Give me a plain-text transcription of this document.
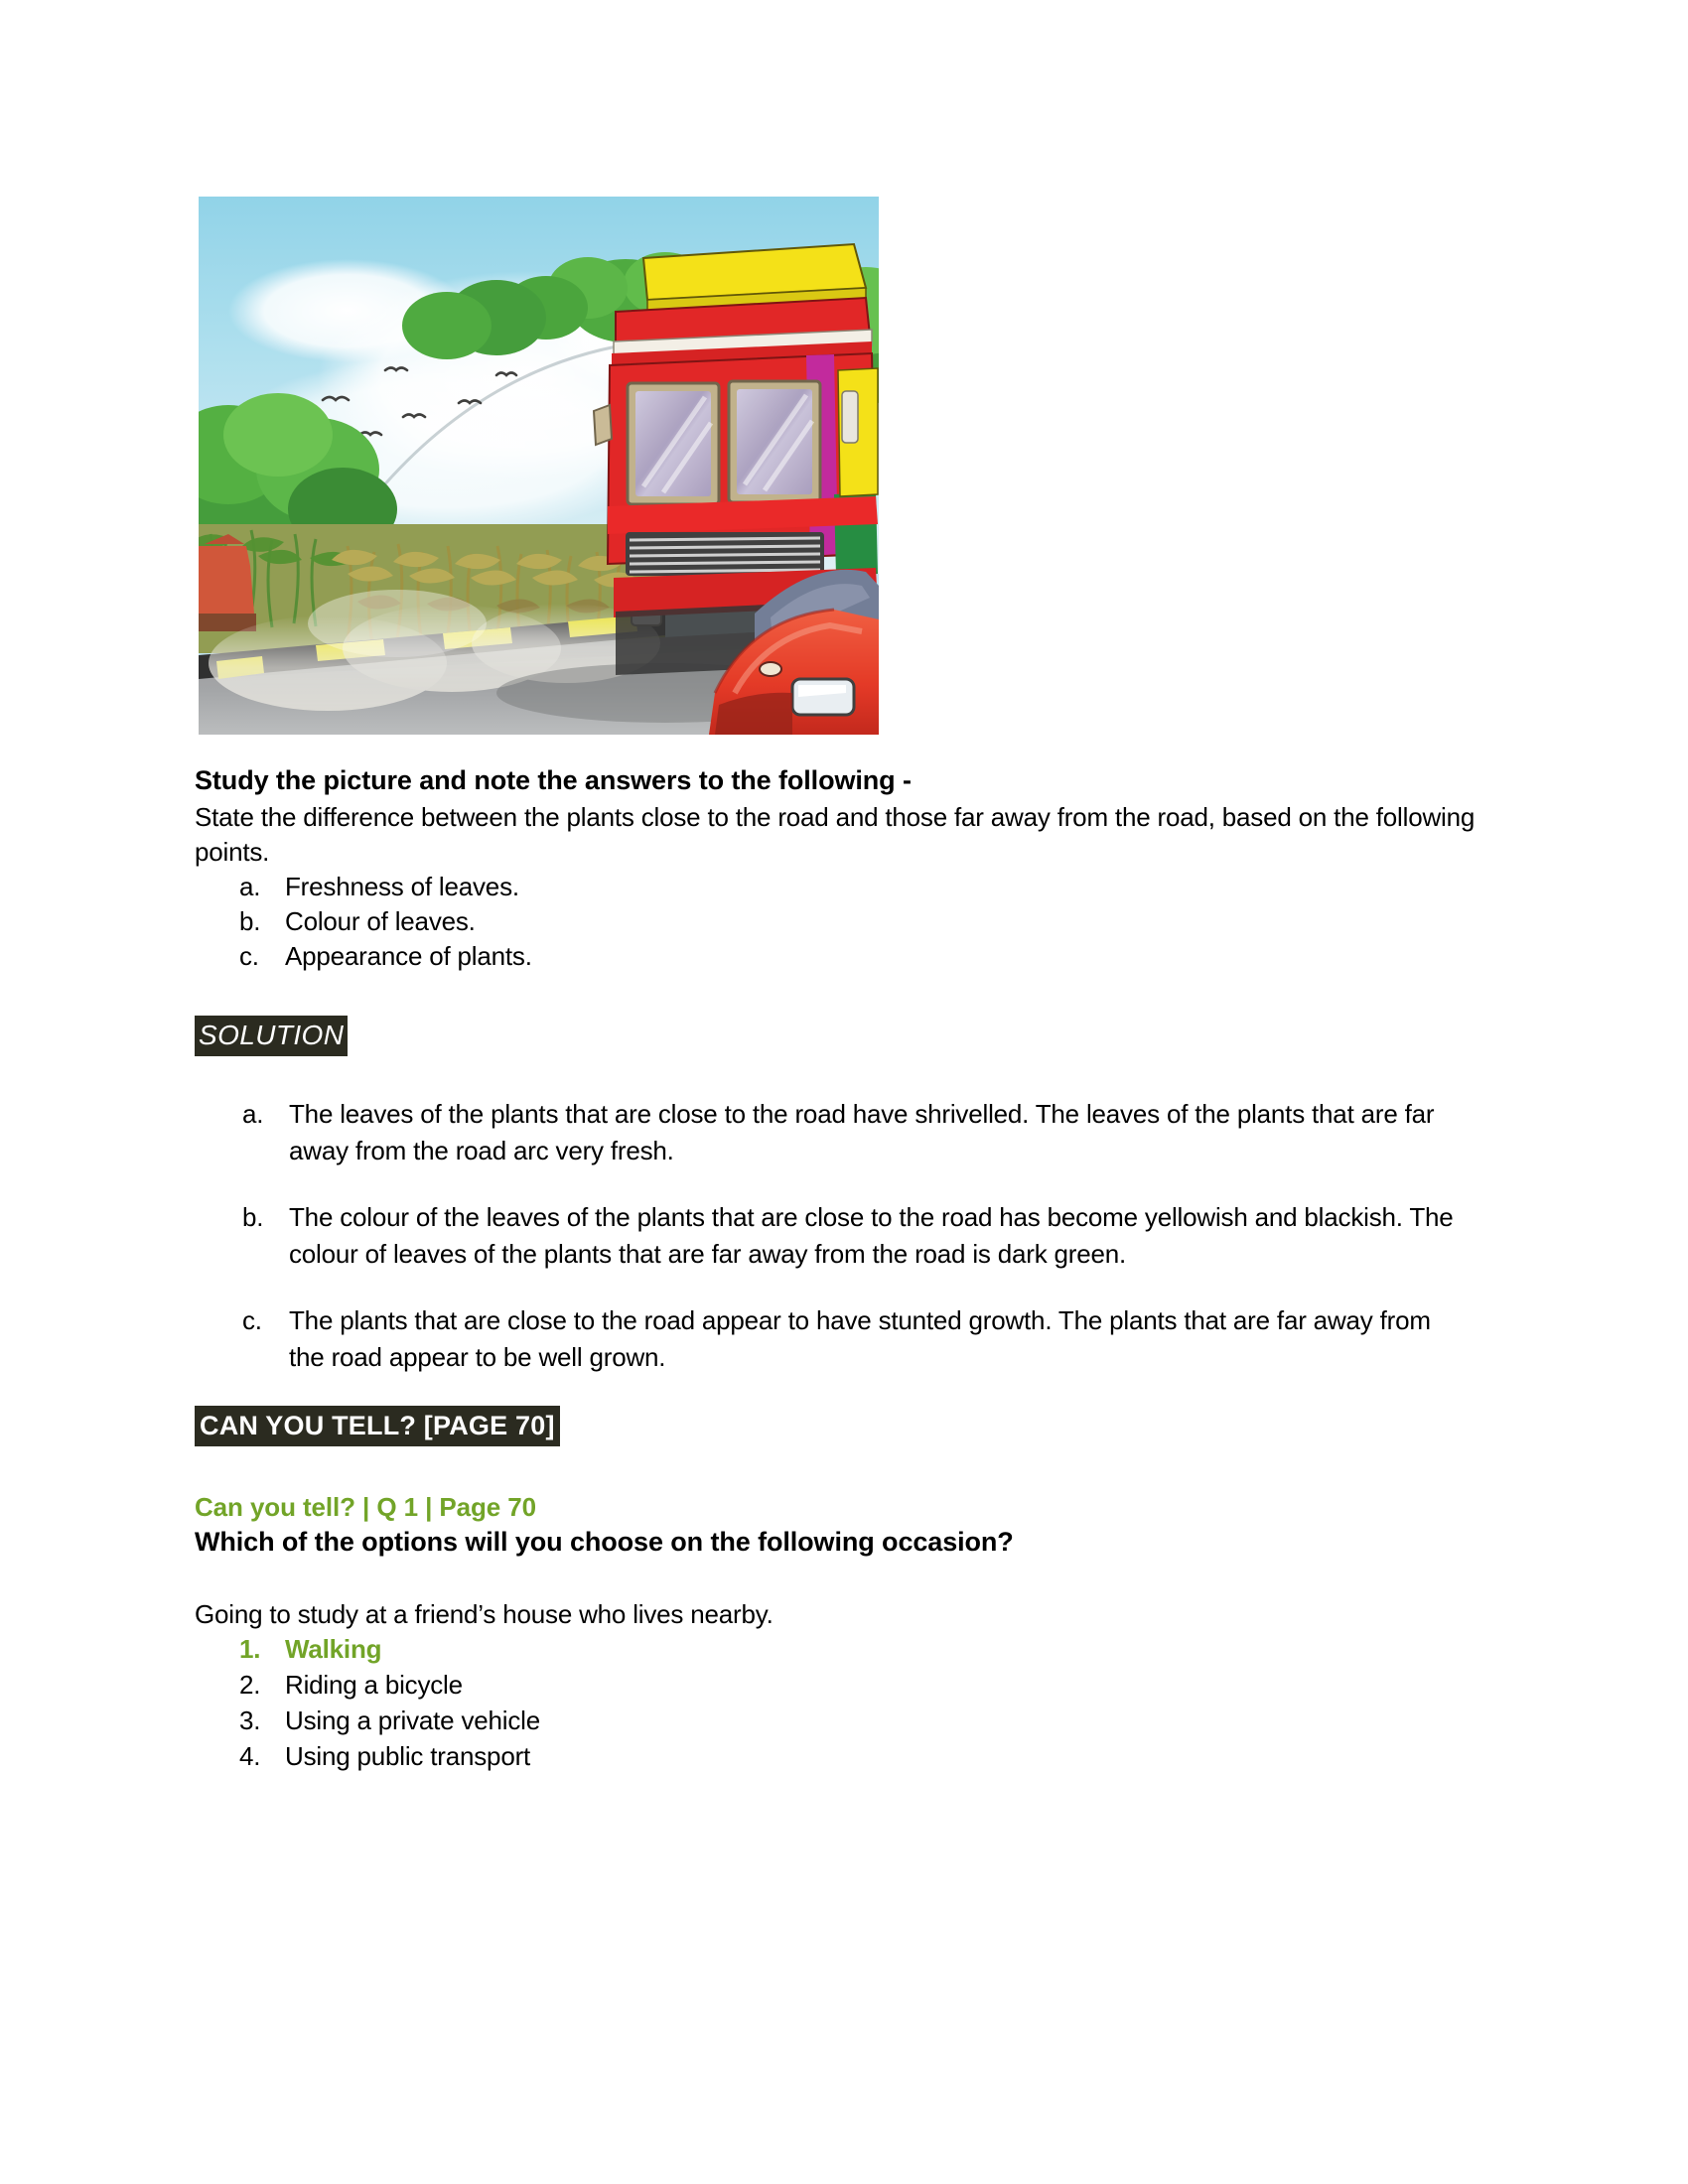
Study the picture and note the answers to the following -
State the difference between the plants close to the road and those far away from the road, based on the following points.
a. Freshness of leaves.
b. Colour of leaves.
c.	Appearance of plants.
SOLUTION
a. The leaves of the plants that are close to the road have shrivelled. The leaves of the plants that are far away from the road arc very fresh.
b. The colour of the leaves of the plants that are close to the road has become yellowish and blackish. The colour of leaves of the plants that are far away from the road is dark green.
c.	The plants that are close to the road appear to have stunted growth. The plants that are far away from the road appear to be well grown.
CAN YOU TELL? [PAGE 70]
Can you tell? | Q 1 | Page 70
Which of the options will you choose on the following occasion?
Going to study at a friend’s house who lives nearby.
1. Walking
2. Riding a bicycle
3. Using a private vehicle
4. Using public transport
